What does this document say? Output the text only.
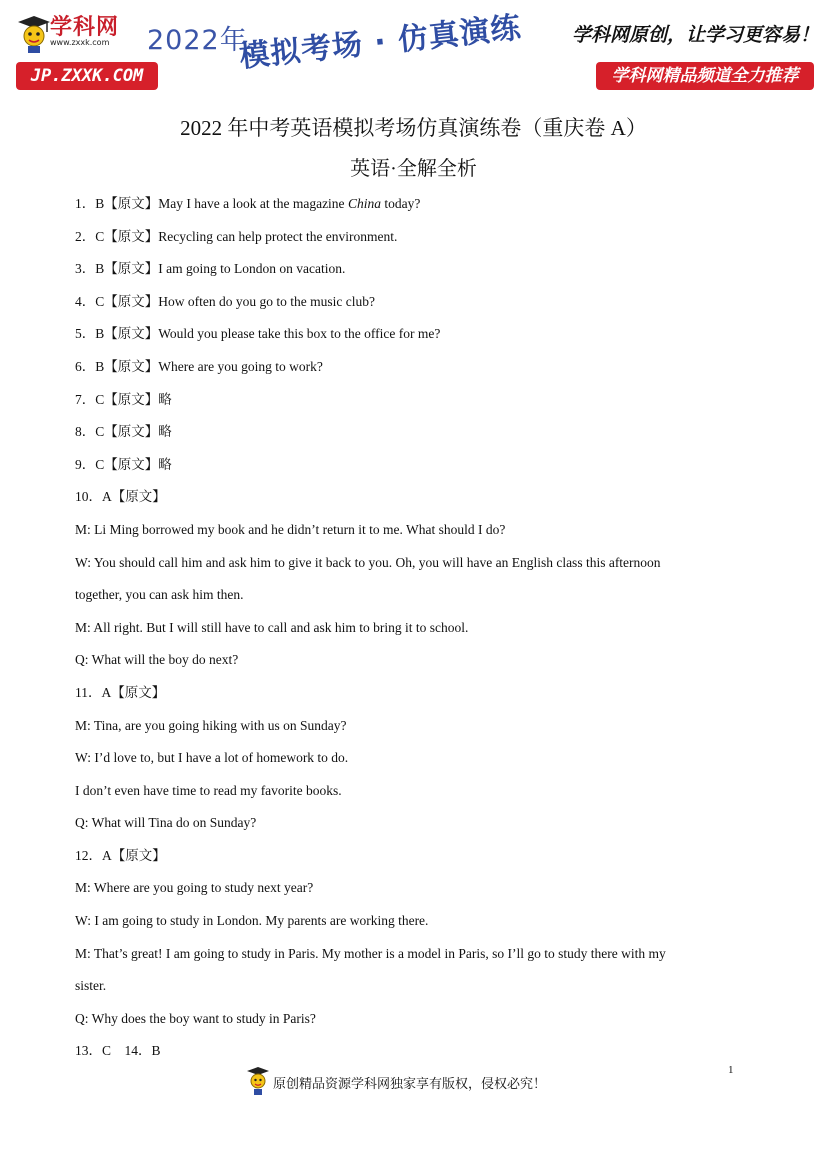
学科网
www.zxxk.com 2022年
模拟考场 · 仿真演练	学科网原创，让学习更容易！
JP.ZXXK.COM	学科网精品频道全力推荐
2022 年中考英语模拟考场仿真演练卷（重庆卷 A）
英语·全解全析
1．B【原文】May I have a look at the magazine China today?
2．C【原文】Recycling can help protect the environment.
3．B【原文】I am going to London on vacation.
4．C【原文】How often do you go to the music club?
5．B【原文】Would you please take this box to the office for me?
6．B【原文】Where are you going to work?
7．C【原文】略
8．C【原文】略
9．C【原文】略
10．A【原文】
M: Li Ming borrowed my book and he didn’t return it to me. What should I do?
W: You should call him and ask him to give it back to you. Oh, you will have an English class this afternoon
together, you can ask him then.
M: All right. But I will still have to call and ask him to bring it to school.
Q: What will the boy do next?
11．A【原文】
M: Tina, are you going hiking with us on Sunday?
W: I’d love to, but I have a lot of homework to do.
I don’t even have time to read my favorite books.
Q: What will Tina do on Sunday?
12．A【原文】
M: Where are you going to study next year?
W: I am going to study in London. My parents are working there.
M: That’s great! I am going to study in Paris. My mother is a model in Paris, so I’ll go to study there with my
sister.
Q: Why does the boy want to study in Paris?
13．C　14．B
原创精品资源学科网独家享有版权，侵权必究！
1
